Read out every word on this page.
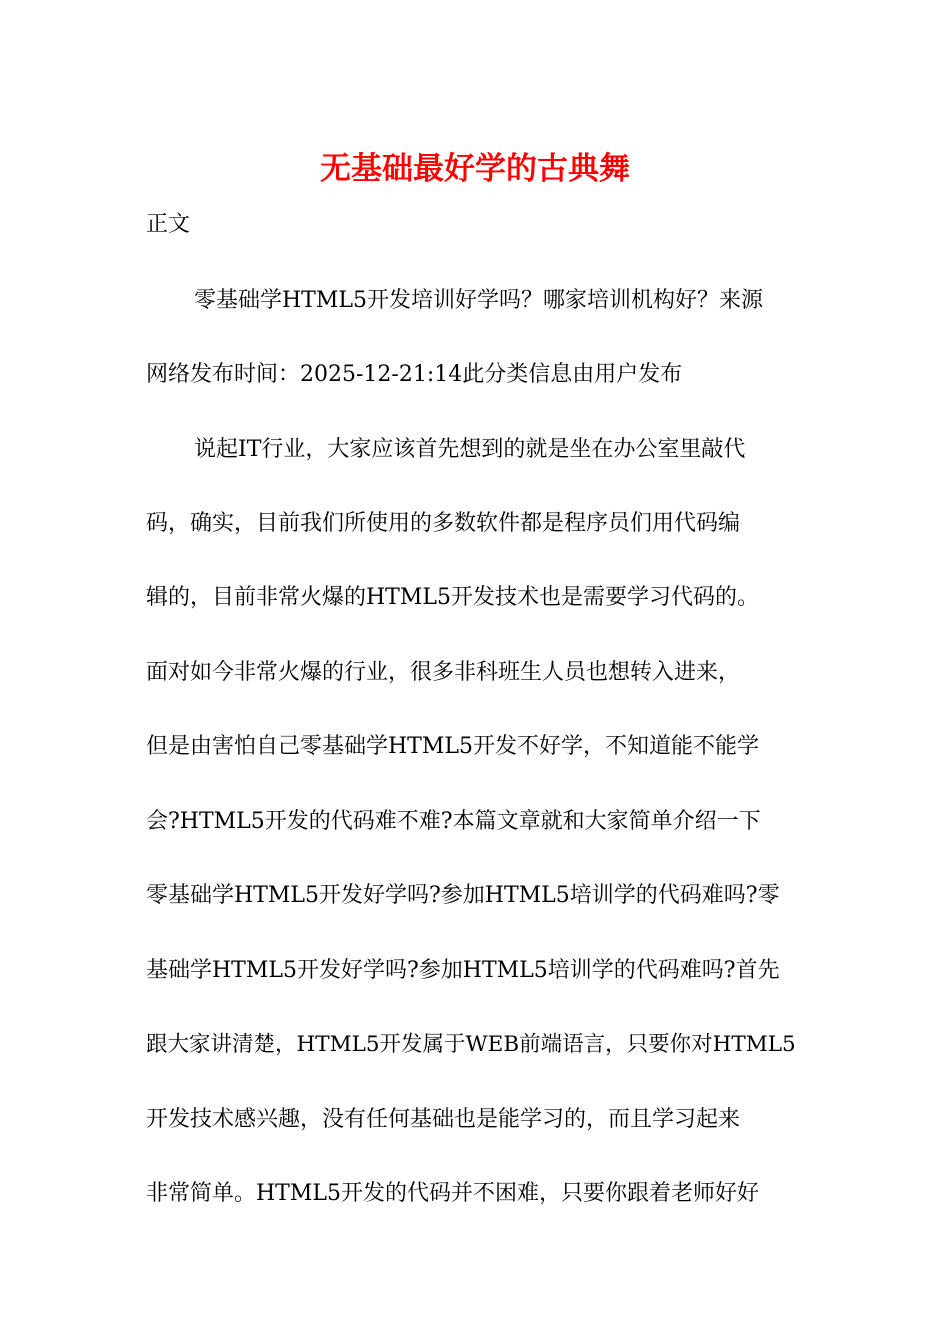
无基础最好学的古典舞
正文
零基础学HTML5开发培训好学吗？哪家培训机构好？来源
网络发布时间：2025-12-21:14此分类信息由用户发布
说起IT行业，大家应该首先想到的就是坐在办公室里敲代
码，确实，目前我们所使用的多数软件都是程序员们用代码编
辑的，目前非常火爆的HTML5开发技术也是需要学习代码的。
面对如今非常火爆的行业，很多非科班生人员也想转入进来，
但是由害怕自己零基础学HTML5开发不好学，不知道能不能学
会?HTML5开发的代码难不难?本篇文章就和大家简单介绍一下
零基础学HTML5开发好学吗?参加HTML5培训学的代码难吗?零
基础学HTML5开发好学吗?参加HTML5培训学的代码难吗?首先
跟大家讲清楚，HTML5开发属于WEB前端语言，只要你对HTML5
开发技术感兴趣，没有任何基础也是能学习的，而且学习起来
非常简单。HTML5开发的代码并不困难，只要你跟着老师好好
